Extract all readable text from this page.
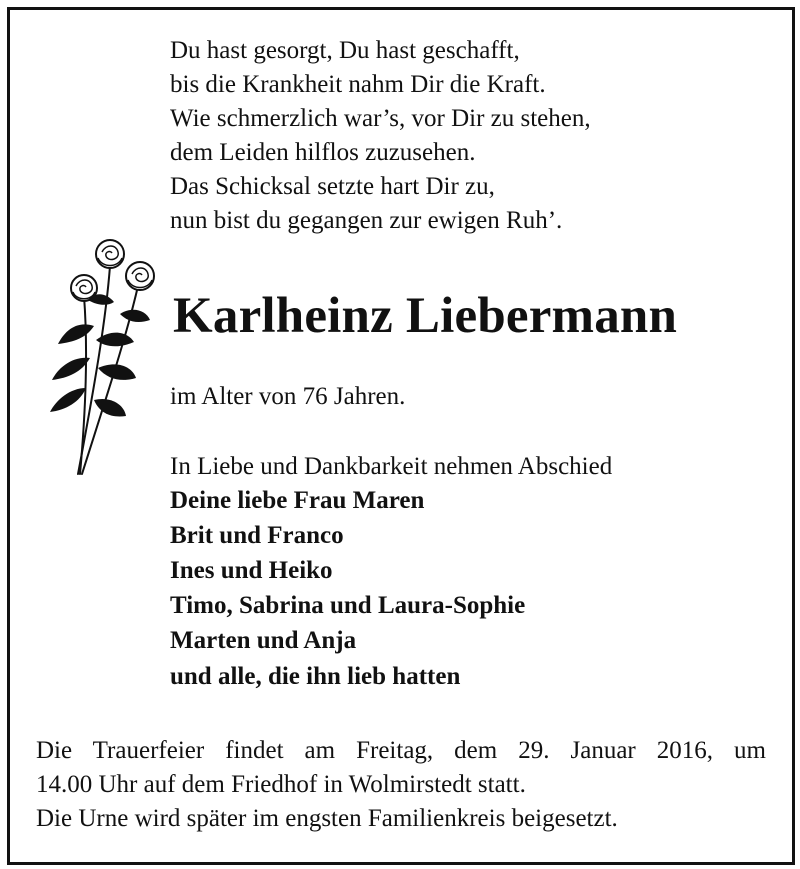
Du hast gesorgt, Du hast geschafft,
bis die Krankheit nahm Dir die Kraft.
Wie schmerzlich war’s, vor Dir zu stehen,
dem Leiden hilflos zuzusehen.
Das Schicksal setzte hart Dir zu,
nun bist du gegangen zur ewigen Ruh’.
Karlheinz Liebermann
im Alter von 76 Jahren.
In Liebe und Dankbarkeit nehmen Abschied
Deine liebe Frau Maren
Brit und Franco
Ines und Heiko
Timo, Sabrina und Laura-Sophie
Marten und Anja
und alle, die ihn lieb hatten
Die Trauerfeier findet am Freitag, dem 29. Januar 2016, um
14.00 Uhr auf dem Friedhof in Wolmirstedt statt.
Die Urne wird später im engsten Familienkreis beigesetzt.
